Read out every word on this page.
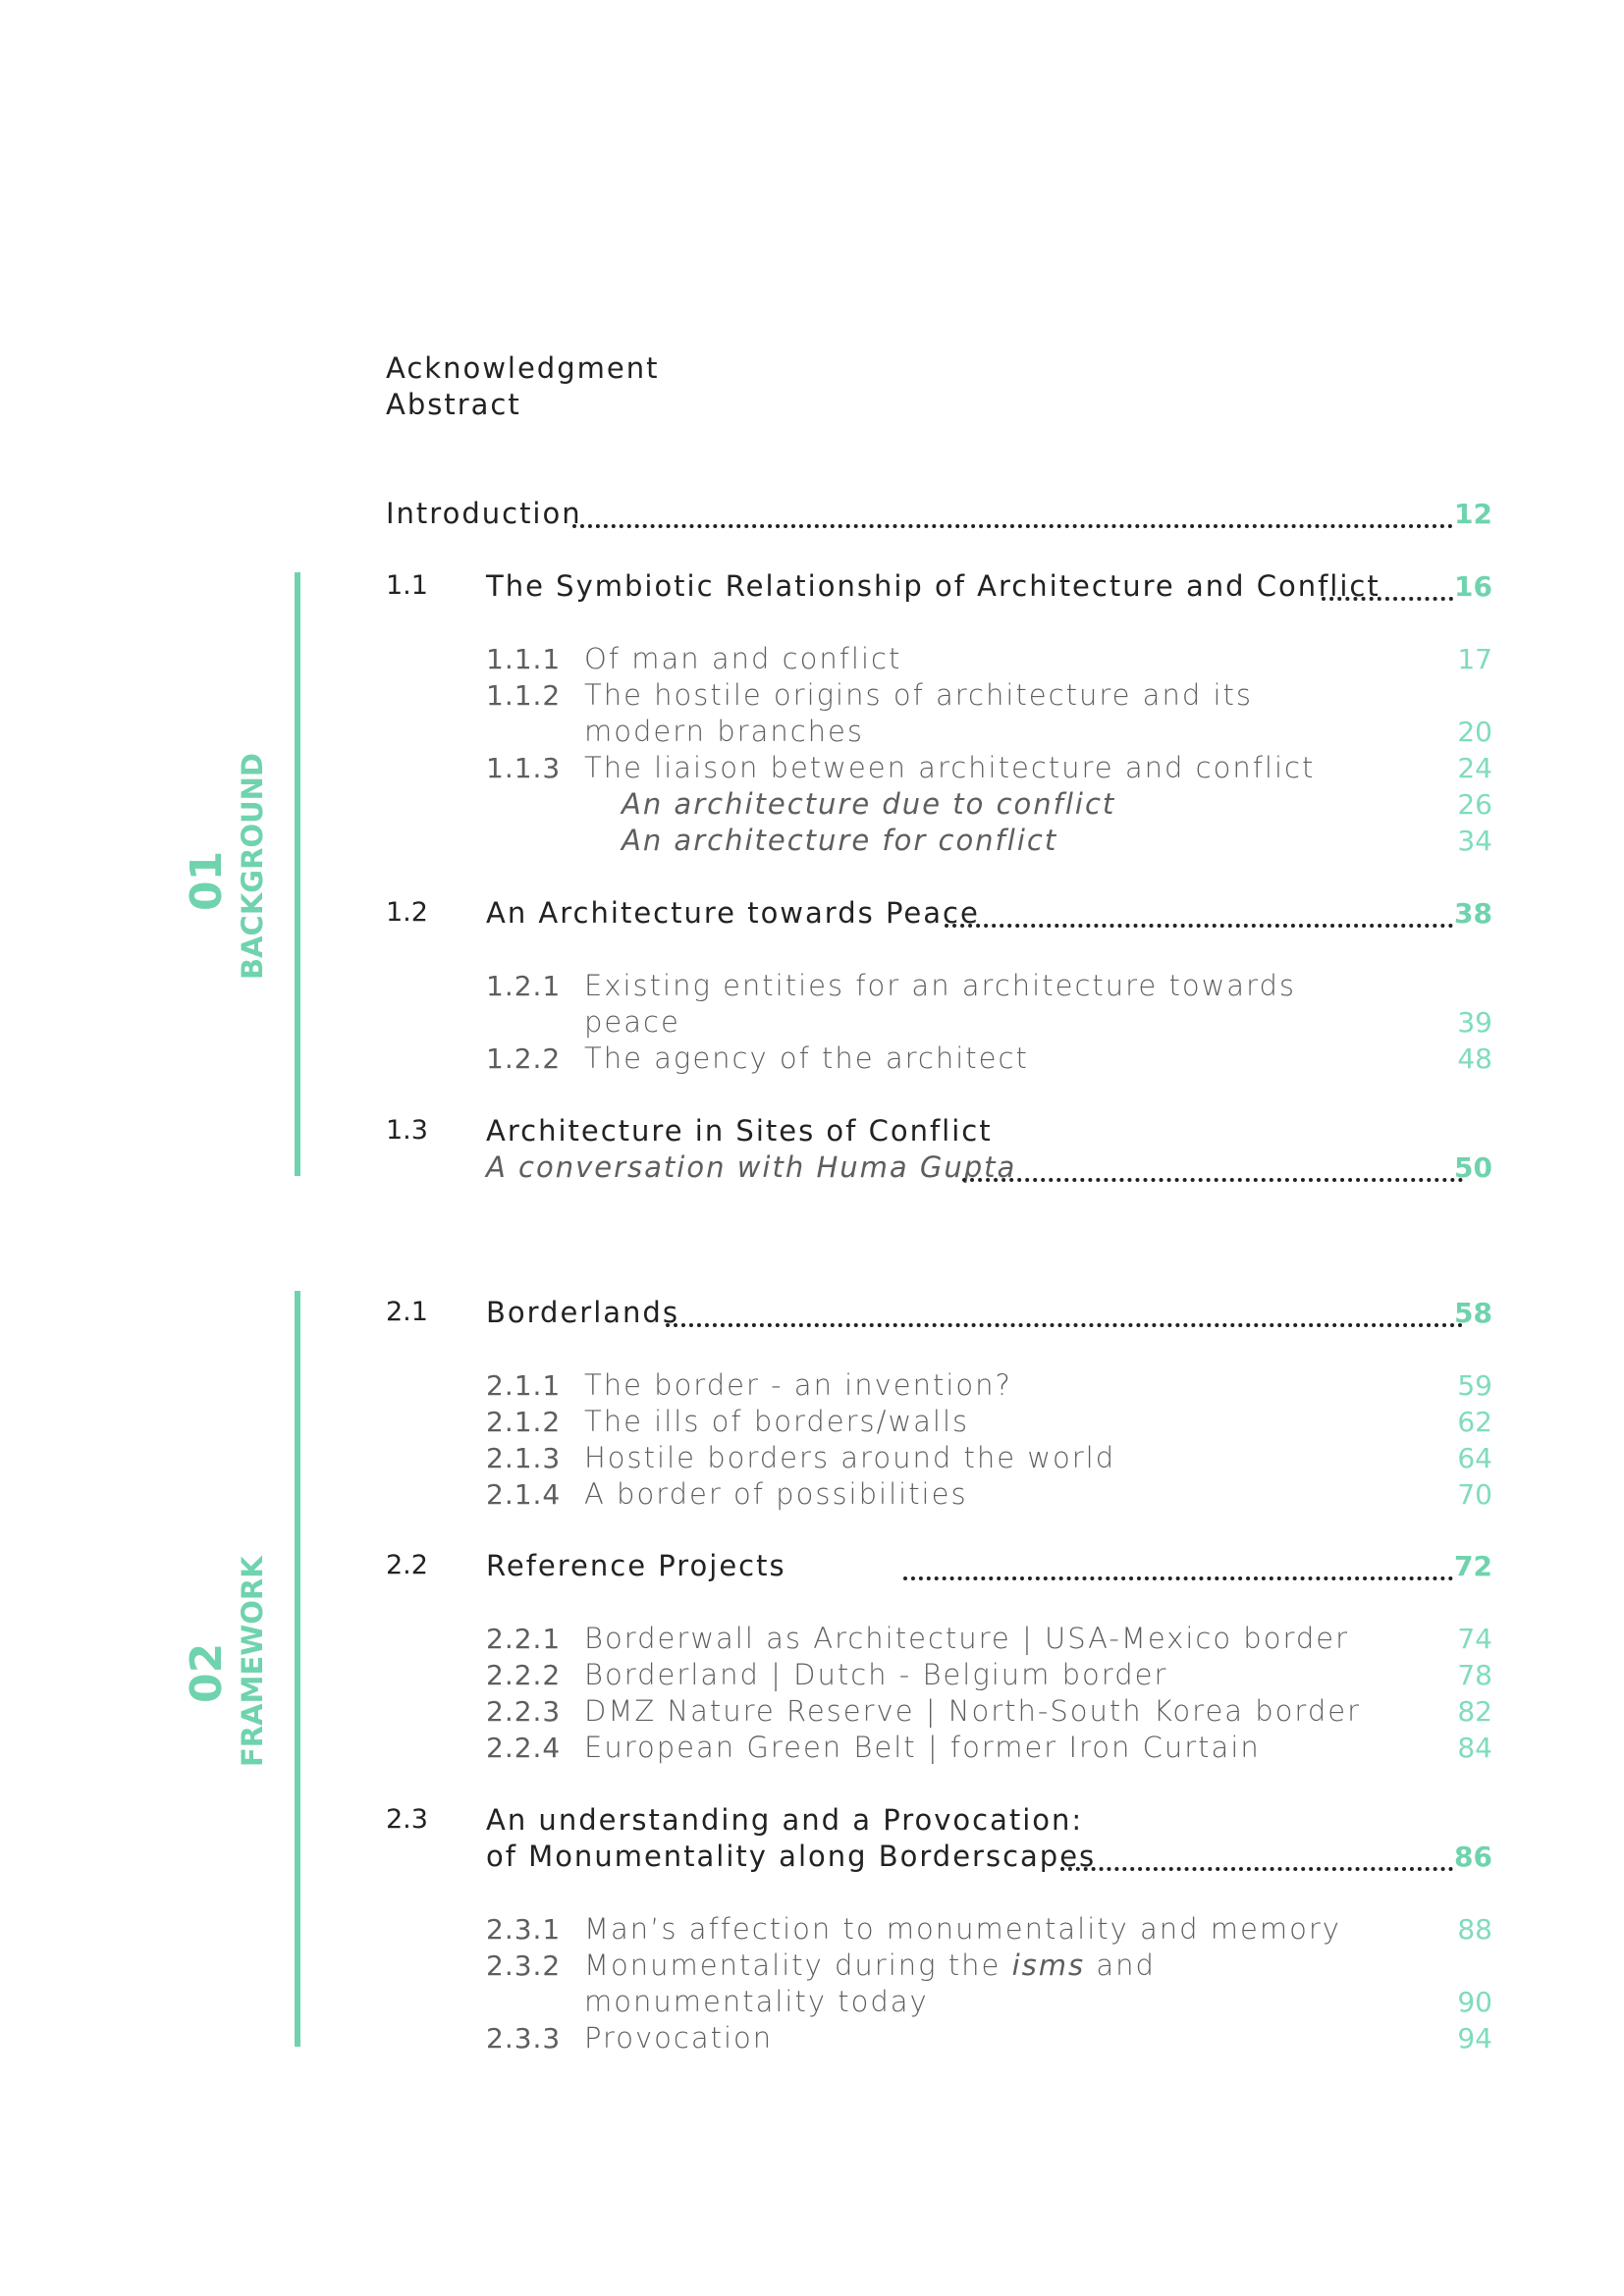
Acknowledgment
Abstract
Introduction	12
01 BACKGROUND
1.1 The Symbiotic Relationship of Architecture and Conflict	16
1.1.1 Of man and conflict	17
1.1.2 The hostile origins of architecture and its
modern branches	20
1.1.3 The liaison between architecture and conflict	24
An architecture due to conflict	26
An architecture for conflict	34
1.2 An Architecture towards Peace	38
1.2.1 Existing entities for an architecture towards
peace	39
1.2.2 The agency of the architect	48
1.3 Architecture in Sites of Conflict
A conversation with Huma Gupta	50
02 FRAMEWORK
2.1 Borderlands	58
2.1.1 The border - an invention?	59
2.1.2 The ills of borders/walls	62
2.1.3 Hostile borders around the world	64
2.1.4 A border of possibilities	70
2.2 Reference Projects	72
2.2.1 Borderwall as Architecture | USA-Mexico border	74
2.2.2 Borderland | Dutch - Belgium border	78
2.2.3 DMZ Nature Reserve | North-South Korea border	82
2.2.4 European Green Belt | former Iron Curtain	84
2.3 An understanding and a Provocation:
of Monumentality along Borderscapes	86
2.3.1 Man’s affection to monumentality and memory	88
2.3.2 Monumentality during the isms and
monumentality today	90
2.3.3 Provocation	94
